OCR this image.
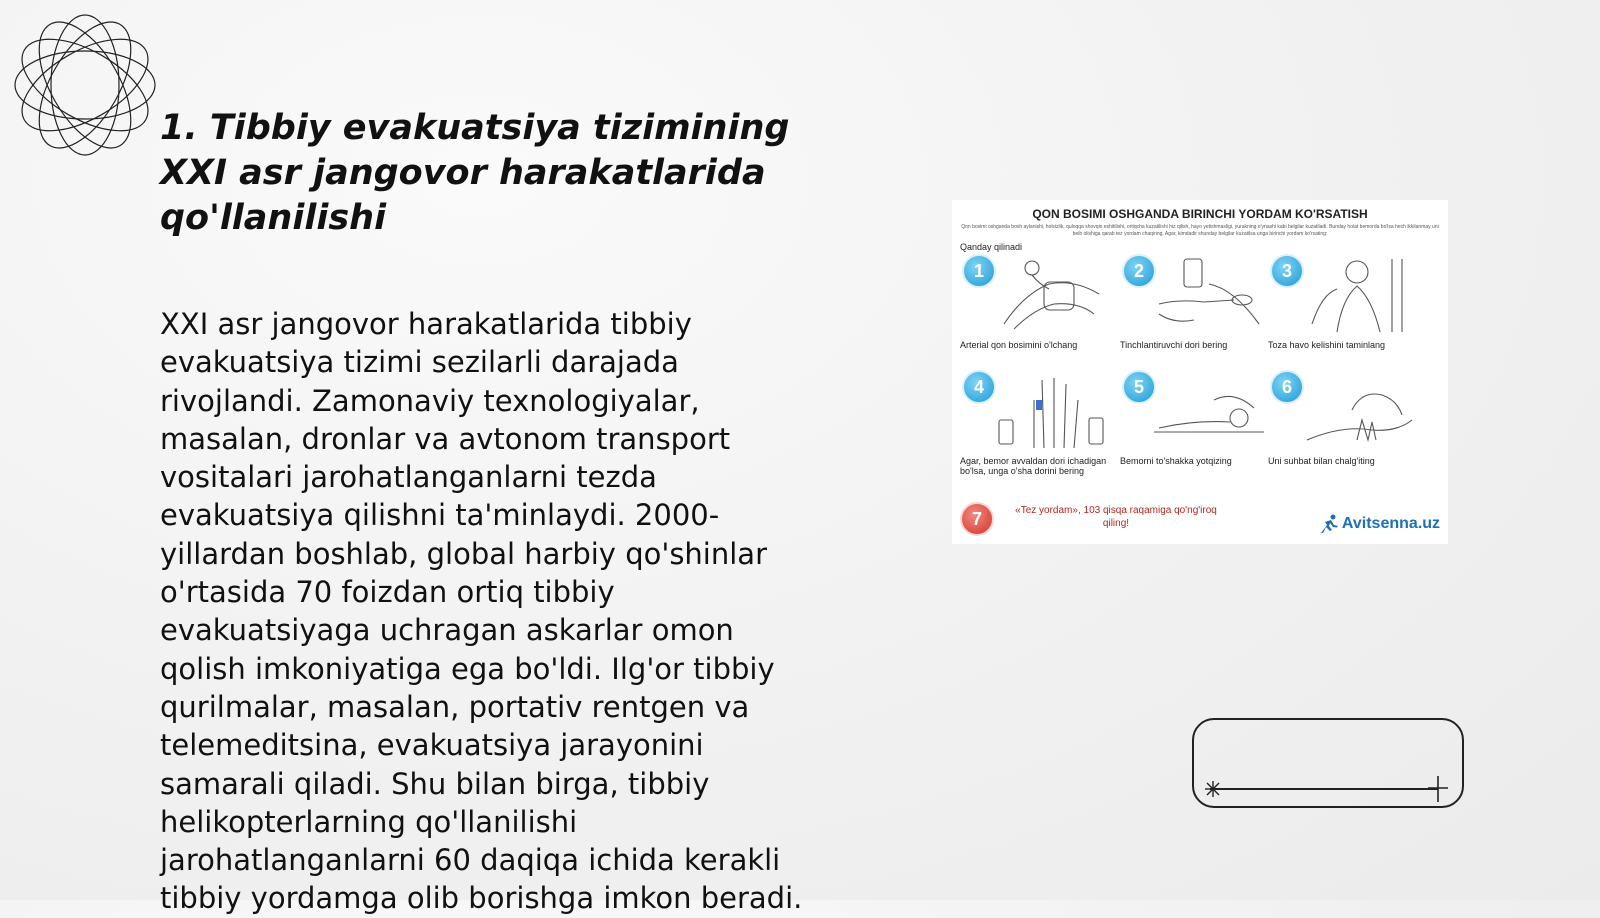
1. Tibbiy evakuatsiya tizimining XXI asr jangovor harakatlarida qo'llanilishi

XXI asr jangovor harakatlarida tibbiy evakuatsiya tizimi sezilarli darajada rivojlandi. Zamonaviy texnologiyalar, masalan, dronlar va avtonom transport vositalari jarohatlanganlarni tezda evakuatsiya qilishni ta'minlaydi. 2000-yillardan boshlab, global harbiy qo'shinlar o'rtasida 70 foizdan ortiq tibbiy evakuatsiyaga uchragan askarlar omon qolish imkoniyatiga ega bo'ldi. Ilg'or tibbiy qurilmalar, masalan, portativ rentgen va telemeditsina, evakuatsiya jarayonini samarali qiladi. Shu bilan birga, tibbiy helikopterlarning qo'llanilishi jarohatlanganlarni 60 daqiqa ichida kerakli tibbiy yordamga olib borishga imkon beradi.

QON BOSIMI OSHGANDA BIRINCHI YORDAM KO'RSATISH
Qon bosimi oshganda bosh aylanishi, holsizlik, quloqqa shovqin eshitilishi, ortiqcha kuzatilishi hiz qilish, hayo yetishmasligi, yurakning o'ynashi kabi belgilar kuzatiladi. Bunday holat bemorda bo'lsa hech ikkilanmay uni beib olishiga qarab tez yordam chaqiring. Agar, kimdadir shunday belgilar kuzatilsa unga birinchi yordam ko'rsating:
Qanday qilinadi
1
Arterial qon bosimini o'lchang
2
Tinchlantiruvchi dori bering
3
Toza havo kelishini taminlang
4
Agar, bemor avvaldan dori ichadigan bo'lsa, unga o'sha dorini bering
5
Bemorni to'shakka yotqizing
6
Uni suhbat bilan chalg'iting
7	«Tez yordam», 103 qisqa raqamiga qo'ng'iroq qiling!	Avitsenna.uz
